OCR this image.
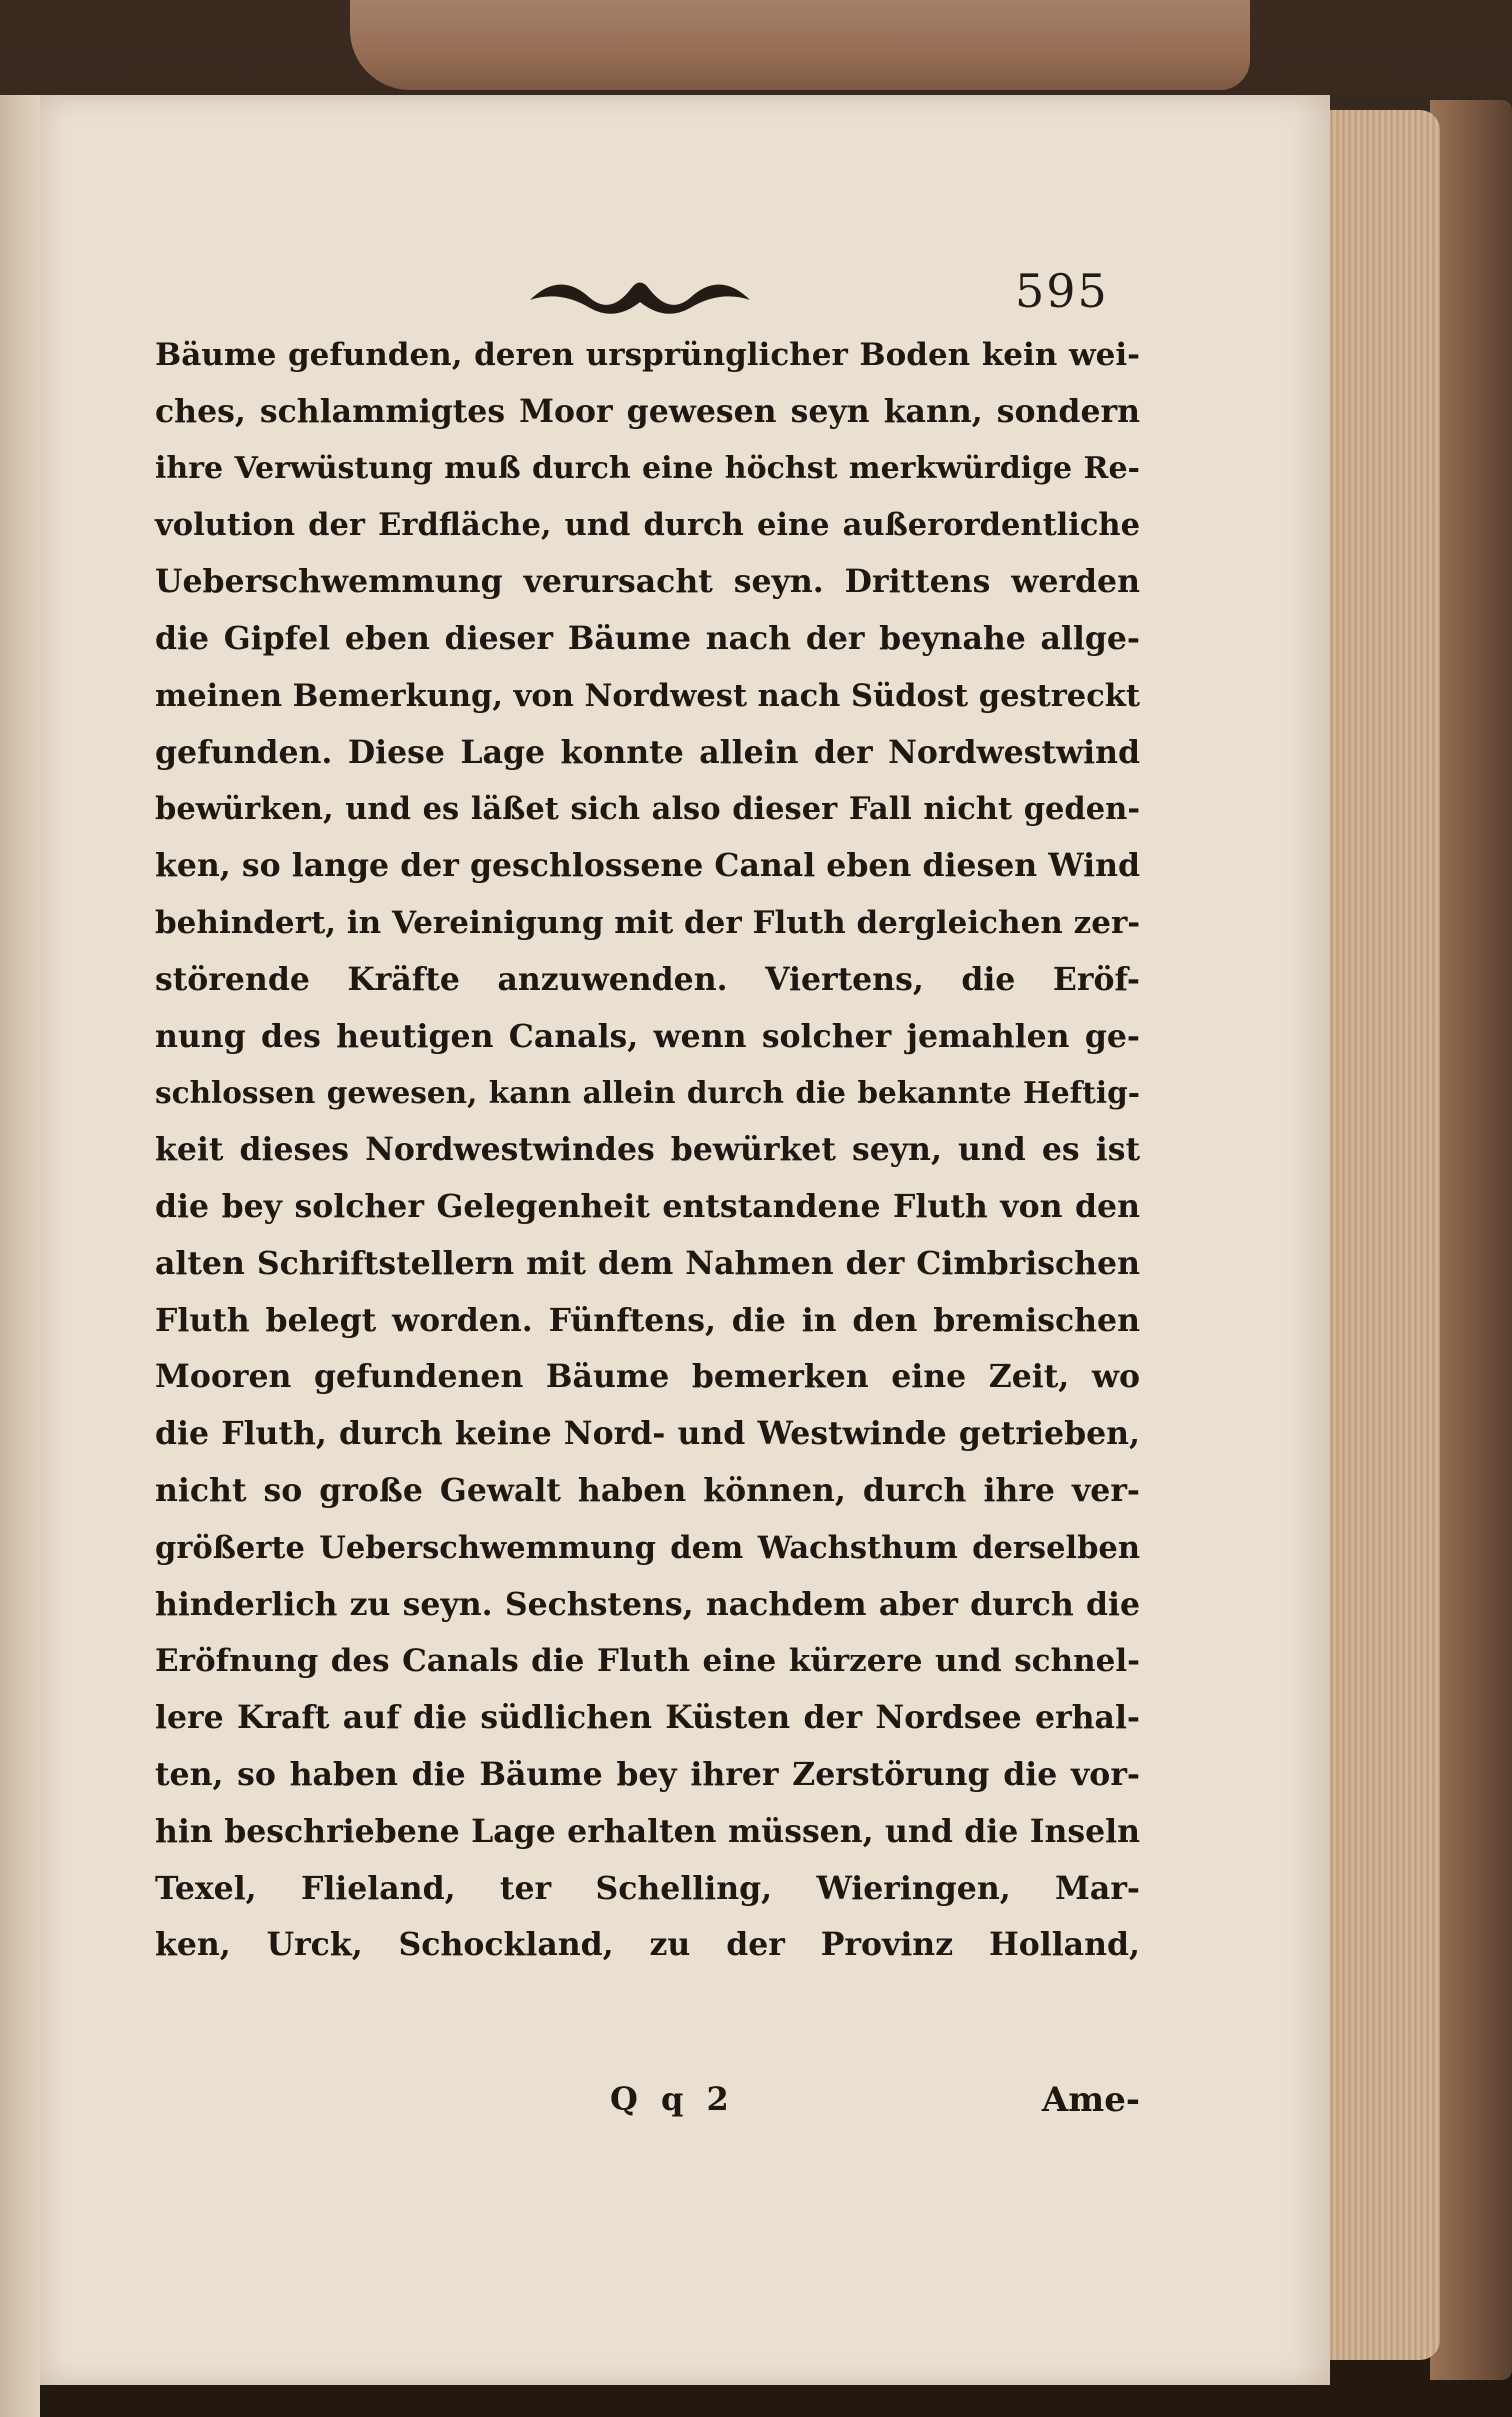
595
Bäume gefunden, deren ursprünglicher Boden kein wei-
ches, schlammigtes Moor gewesen seyn kann, sondern
ihre Verwüstung muß durch eine höchst merkwürdige Re-
volution der Erdfläche, und durch eine außerordentliche
Ueberschwemmung verursacht seyn. Drittens werden
die Gipfel eben dieser Bäume nach der beynahe allge-
meinen Bemerkung, von Nordwest nach Südost gestreckt
gefunden. Diese Lage konnte allein der Nordwestwind
bewürken, und es läßet sich also dieser Fall nicht geden-
ken, so lange der geschlossene Canal eben diesen Wind
behindert, in Vereinigung mit der Fluth dergleichen zer-
störende Kräfte anzuwenden. Viertens, die Eröf-
nung des heutigen Canals, wenn solcher jemahlen ge-
schlossen gewesen, kann allein durch die bekannte Heftig-
keit dieses Nordwestwindes bewürket seyn, und es ist
die bey solcher Gelegenheit entstandene Fluth von den
alten Schriftstellern mit dem Nahmen der Cimbrischen
Fluth belegt worden. Fünftens, die in den bremischen
Mooren gefundenen Bäume bemerken eine Zeit, wo
die Fluth, durch keine Nord- und Westwinde getrieben,
nicht so große Gewalt haben können, durch ihre ver-
größerte Ueberschwemmung dem Wachsthum derselben
hinderlich zu seyn. Sechstens, nachdem aber durch die
Eröfnung des Canals die Fluth eine kürzere und schnel-
lere Kraft auf die südlichen Küsten der Nordsee erhal-
ten, so haben die Bäume bey ihrer Zerstörung die vor-
hin beschriebene Lage erhalten müssen, und die Inseln
Texel, Flieland, ter Schelling, Wieringen, Mar-
ken, Urck, Schockland, zu der Provinz Holland,
Q q 2	Ame-
